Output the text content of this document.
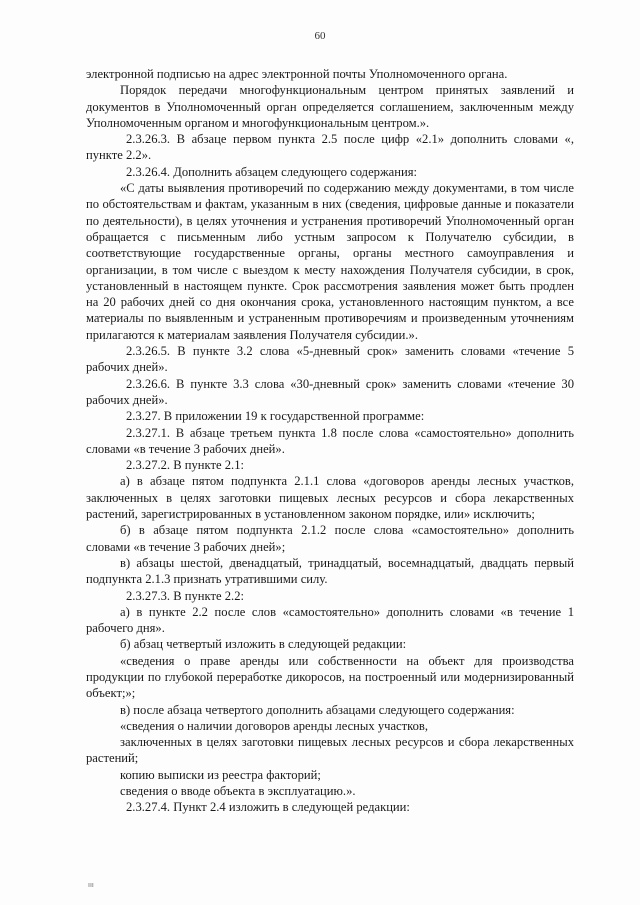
60

электронной подписью на адрес электронной почты Уполномоченного органа.

Порядок передачи многофункциональным центром принятых заявлений и документов в Уполномоченный орган определяется соглашением, заключенным между Уполномоченным органом и многофункциональным центром.».

2.3.26.3. В абзаце первом пункта 2.5 после цифр «2.1» дополнить словами «, пункте 2.2».

2.3.26.4. Дополнить абзацем следующего содержания:

«С даты выявления противоречий по содержанию между документами, в том числе по обстоятельствам и фактам, указанным в них (сведения, цифровые данные и показатели по деятельности), в целях уточнения и устранения противоречий Уполномоченный орган обращается с письменным либо устным запросом к Получателю субсидии, в соответствующие государственные органы, органы местного самоуправления и организации, в том числе с выездом к месту нахождения Получателя субсидии, в срок, установленный в настоящем пункте. Срок рассмотрения заявления может быть продлен на 20 рабочих дней со дня окончания срока, установленного настоящим пунктом, а все материалы по выявленным и устраненным противоречиям и произведенным уточнениям прилагаются к материалам заявления Получателя субсидии.».

2.3.26.5. В пункте 3.2 слова «5-дневный срок» заменить словами «течение 5 рабочих дней».

2.3.26.6. В пункте 3.3 слова «30-дневный срок» заменить словами «течение 30 рабочих дней».

2.3.27. В приложении 19 к государственной программе:

2.3.27.1. В абзаце третьем пункта 1.8 после слова «самостоятельно» дополнить словами «в течение 3 рабочих дней».

2.3.27.2. В пункте 2.1:

а) в абзаце пятом подпункта 2.1.1 слова «договоров аренды лесных участков, заключенных в целях заготовки пищевых лесных ресурсов и сбора лекарственных растений, зарегистрированных в установленном законом порядке, или» исключить;

б) в абзаце пятом подпункта 2.1.2 после слова «самостоятельно» дополнить словами «в течение 3 рабочих дней»;

в) абзацы шестой, двенадцатый, тринадцатый, восемнадцатый, двадцать первый подпункта 2.1.3 признать утратившими силу.

2.3.27.3. В пункте 2.2:

а) в пункте 2.2 после слов «самостоятельно» дополнить словами «в течение 1 рабочего дня».

б) абзац четвертый изложить в следующей редакции:

«сведения о праве аренды или собственности на объект для производства продукции по глубокой переработке дикоросов, на построенный или модернизированный объект;»;

в) после абзаца четвертого дополнить абзацами следующего содержания:

«сведения о наличии договоров аренды лесных участков,

заключенных в целях заготовки пищевых лесных ресурсов и сбора лекарственных растений;

копию выписки из реестра факторий;

сведения о вводе объекта в эксплуатацию.».

2.3.27.4. Пункт 2.4 изложить в следующей редакции:

ııı
